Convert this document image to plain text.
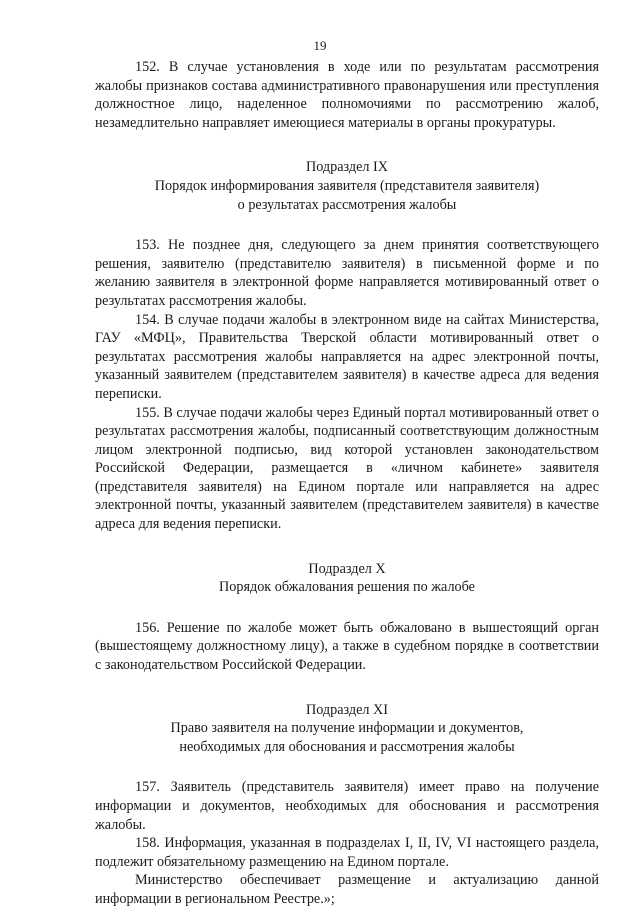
19

152. В случае установления в ходе или по результатам рассмотрения жалобы признаков состава административного правонарушения или преступления должностное лицо, наделенное полномочиями по рассмотрению жалоб, незамедлительно направляет имеющиеся материалы в органы прокуратуры.

Подраздел IX
Порядок информирования заявителя (представителя заявителя)
о результатах рассмотрения жалобы

153. Не позднее дня, следующего за днем принятия соответствующего решения, заявителю (представителю заявителя) в письменной форме и по желанию заявителя в электронной форме направляется мотивированный ответ о результатах рассмотрения жалобы.

154. В случае подачи жалобы в электронном виде на сайтах Министерства, ГАУ «МФЦ», Правительства Тверской области мотивированный ответ о результатах рассмотрения жалобы направляется на адрес электронной почты, указанный заявителем (представителем заявителя) в качестве адреса для ведения переписки.

155. В случае подачи жалобы через Единый портал мотивированный ответ о результатах рассмотрения жалобы, подписанный соответствующим должностным лицом электронной подписью, вид которой установлен законодательством Российской Федерации, размещается в «личном кабинете» заявителя (представителя заявителя) на Едином портале или направляется на адрес электронной почты, указанный заявителем (представителем заявителя) в качестве адреса для ведения переписки.

Подраздел X
Порядок обжалования решения по жалобе

156. Решение по жалобе может быть обжаловано в вышестоящий орган (вышестоящему должностному лицу), а также в судебном порядке в соответствии с законодательством Российской Федерации.

Подраздел XI
Право заявителя на получение информации и документов,
необходимых для обоснования и рассмотрения жалобы

157. Заявитель (представитель заявителя) имеет право на получение информации и документов, необходимых для обоснования и рассмотрения жалобы.

158. Информация, указанная в подразделах I, II, IV, VI настоящего раздела, подлежит обязательному размещению на Едином портале.

Министерство обеспечивает размещение и актуализацию данной информации в региональном Реестре.»;
